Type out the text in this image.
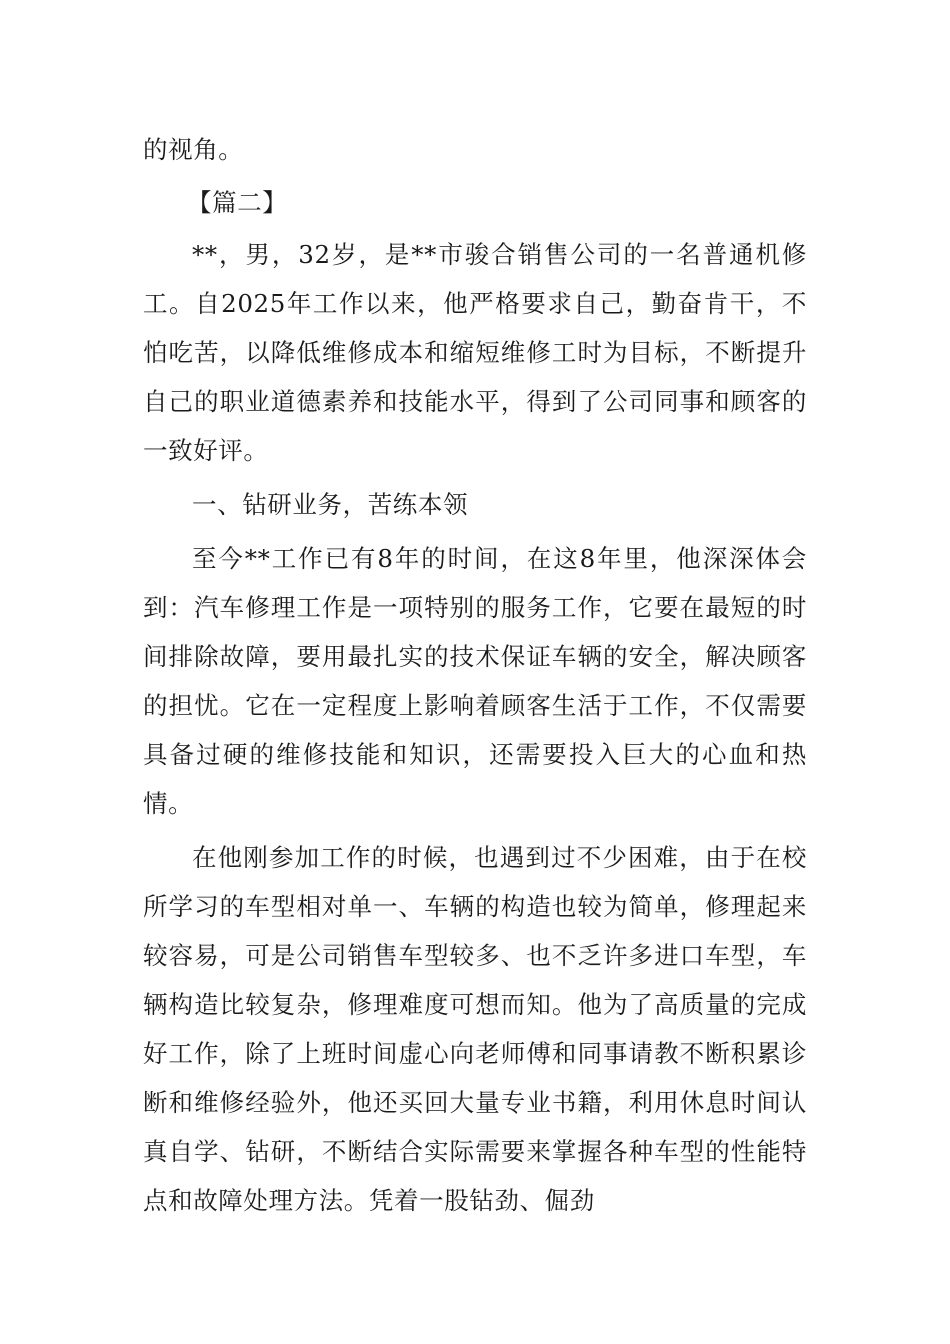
的视角。

【篇二】

**，男，32岁，是**市骏合销售公司的一名普通机修工。自2025年工作以来，他严格要求自己，勤奋肯干，不怕吃苦，以降低维修成本和缩短维修工时为目标，不断提升自己的职业道德素养和技能水平，得到了公司同事和顾客的一致好评。

一、钻研业务，苦练本领

至今**工作已有8年的时间，在这8年里，他深深体会到：汽车修理工作是一项特别的服务工作，它要在最短的时间排除故障，要用最扎实的技术保证车辆的安全，解决顾客的担忧。它在一定程度上影响着顾客生活于工作，不仅需要具备过硬的维修技能和知识，还需要投入巨大的心血和热情。

在他刚参加工作的时候，也遇到过不少困难，由于在校所学习的车型相对单一、车辆的构造也较为简单，修理起来较容易，可是公司销售车型较多、也不乏许多进口车型，车辆构造比较复杂，修理难度可想而知。他为了高质量的完成好工作，除了上班时间虚心向老师傅和同事请教不断积累诊断和维修经验外，他还买回大量专业书籍，利用休息时间认真自学、钻研，不断结合实际需要来掌握各种车型的性能特点和故障处理方法。凭着一股钻劲、倔劲
